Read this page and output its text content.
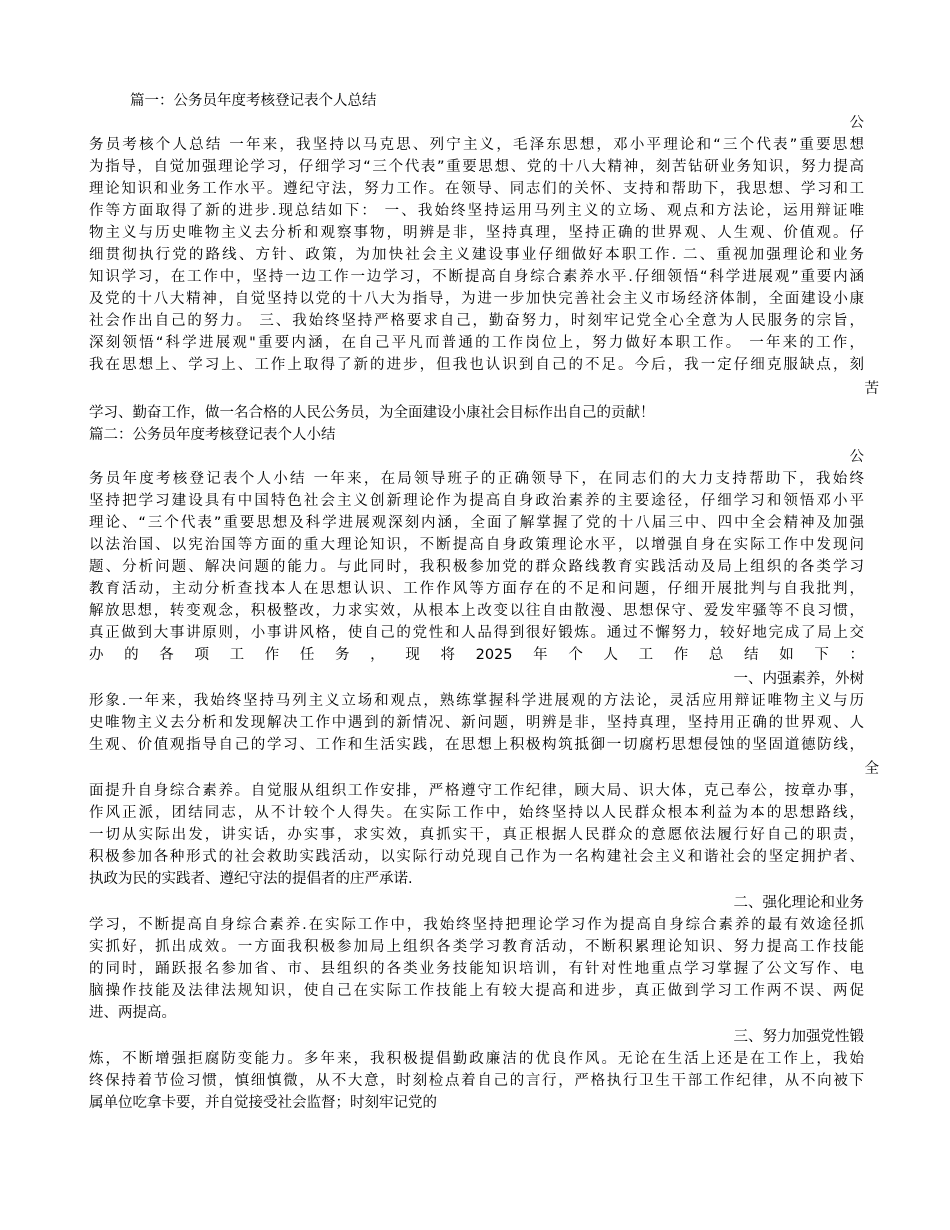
篇一：公务员年度考核登记表个人总结
公
务员考核个人总结 一年来，我坚持以马克思、列宁主义，毛泽东思想，邓小平理论和“三个代表”重要思想
为指导，自觉加强理论学习，仔细学习“三个代表”重要思想、党的十八大精神，刻苦钻研业务知识，努力提高
理论知识和业务工作水平。遵纪守法，努力工作。在领导、同志们的关怀、支持和帮助下，我思想、学习和工
作等方面取得了新的进步.现总结如下： 一、我始终坚持运用马列主义的立场、观点和方法论，运用辩证唯
物主义与历史唯物主义去分析和观察事物，明辨是非，坚持真理，坚持正确的世界观、人生观、价值观。仔
细贯彻执行党的路线、方针、政策，为加快社会主义建设事业仔细做好本职工作. 二、重视加强理论和业务
知识学习，在工作中，坚持一边工作一边学习，不断提高自身综合素养水平.仔细领悟“科学进展观”重要内涵
及党的十八大精神，自觉坚持以党的十八大为指导，为进一步加快完善社会主义市场经济体制，全面建设小康
社会作出自己的努力。 三、我始终坚持严格要求自己，勤奋努力，时刻牢记党全心全意为人民服务的宗旨，
深刻领悟“科学进展观"重要内涵，在自己平凡而普通的工作岗位上，努力做好本职工作。 一年来的工作，
我在思想上、学习上、工作上取得了新的进步，但我也认识到自己的不足。今后，我一定仔细克服缺点，刻
苦
学习、勤奋工作，做一名合格的人民公务员，为全面建设小康社会目标作出自己的贡献！
篇二：公务员年度考核登记表个人小结
公
务员年度考核登记表个人小结 一年来，在局领导班子的正确领导下，在同志们的大力支持帮助下，我始终
坚持把学习建设具有中国特色社会主义创新理论作为提高自身政治素养的主要途径，仔细学习和领悟邓小平
理论、“三个代表”重要思想及科学进展观深刻内涵，全面了解掌握了党的十八届三中、四中全会精神及加强
以法治国、以宪治国等方面的重大理论知识，不断提高自身政策理论水平，以增强自身在实际工作中发现问
题、分析问题、解决问题的能力。与此同时，我积极参加党的群众路线教育实践活动及局上组织的各类学习
教育活动，主动分析查找本人在思想认识、工作作风等方面存在的不足和问题，仔细开展批判与自我批判，
解放思想，转变观念，积极整改，力求实效，从根本上改变以往自由散漫、思想保守、爱发牢骚等不良习惯，
真正做到大事讲原则，小事讲风格，使自己的党性和人品得到很好锻炼。通过不懈努力，较好地完成了局上交
办的各项工作任务，现将2025年个人工作总结如下：
一、内强素养，外树
形象.一年来，我始终坚持马列主义立场和观点，熟练掌握科学进展观的方法论，灵活应用辩证唯物主义与历
史唯物主义去分析和发现解决工作中遇到的新情况、新问题，明辨是非，坚持真理，坚持用正确的世界观、人
生观、价值观指导自己的学习、工作和生活实践，在思想上积极构筑抵御一切腐朽思想侵蚀的坚固道德防线，
全
面提升自身综合素养。自觉服从组织工作安排，严格遵守工作纪律，顾大局、识大体，克己奉公，按章办事，
作风正派，团结同志，从不计较个人得失。在实际工作中，始终坚持以人民群众根本利益为本的思想路线，
一切从实际出发，讲实话，办实事，求实效，真抓实干，真正根据人民群众的意愿依法履行好自己的职责，
积极参加各种形式的社会救助实践活动，以实际行动兑现自己作为一名构建社会主义和谐社会的坚定拥护者、
执政为民的实践者、遵纪守法的提倡者的庄严承诺.
二、强化理论和业务
学习，不断提高自身综合素养.在实际工作中，我始终坚持把理论学习作为提高自身综合素养的最有效途径抓
实抓好，抓出成效。一方面我积极参加局上组织各类学习教育活动，不断积累理论知识、努力提高工作技能
的同时，踊跃报名参加省、市、县组织的各类业务技能知识培训，有针对性地重点学习掌握了公文写作、电
脑操作技能及法律法规知识，使自己在实际工作技能上有较大提高和进步，真正做到学习工作两不误、两促
进、两提高。
三、努力加强党性锻
炼，不断增强拒腐防变能力。多年来，我积极提倡勤政廉洁的优良作风。无论在生活上还是在工作上，我始
终保持着节俭习惯，慎细慎微，从不大意，时刻检点着自己的言行，严格执行卫生干部工作纪律，从不向被下
属单位吃拿卡要，并自觉接受社会监督；时刻牢记党的
